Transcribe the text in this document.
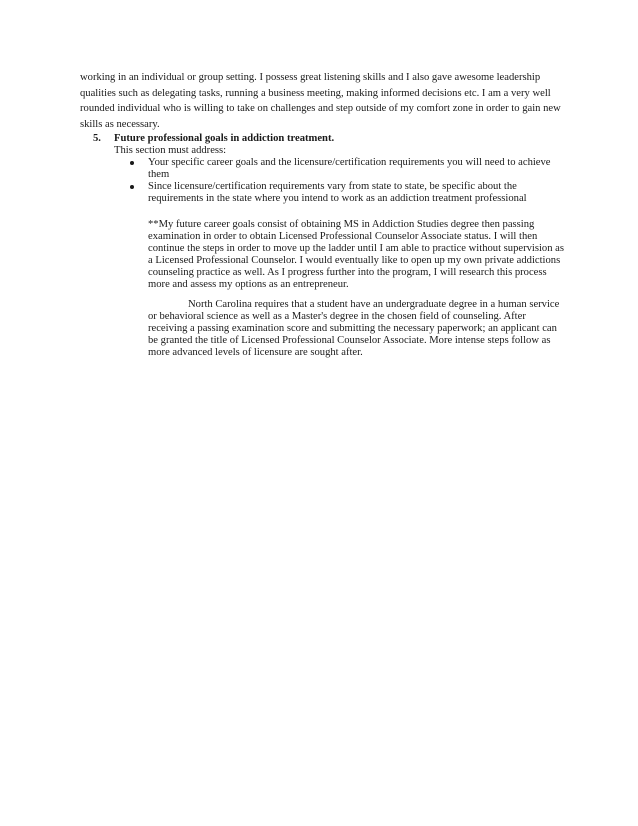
working in an individual or group setting. I possess great listening skills and I also gave awesome leadership
qualities such as delegating tasks, running a business meeting, making informed decisions etc. I am a very well
rounded individual who is willing to take on challenges and step outside of my comfort zone in order to gain new
skills as necessary.
5. Future professional goals in addiction treatment.
This section must address:
Your specific career goals and the licensure/certification requirements you will need to achieve
them
Since licensure/certification requirements vary from state to state, be specific about the
requirements in the state where you intend to work as an addiction treatment professional
**My future career goals consist of obtaining MS in Addiction Studies degree then passing
examination in order to obtain Licensed Professional Counselor Associate status. I will then
continue the steps in order to move up the ladder until I am able to practice without supervision as
a Licensed Professional Counselor. I would eventually like to open up my own private addictions
counseling practice as well. As I progress further into the program, I will research this process
more and assess my options as an entrepreneur.
North Carolina requires that a student have an undergraduate degree in a human service
or behavioral science as well as a Master's degree in the chosen field of counseling. After
receiving a passing examination score and submitting the necessary paperwork; an applicant can
be granted the title of Licensed Professional Counselor Associate. More intense steps follow as
more advanced levels of licensure are sought after.
